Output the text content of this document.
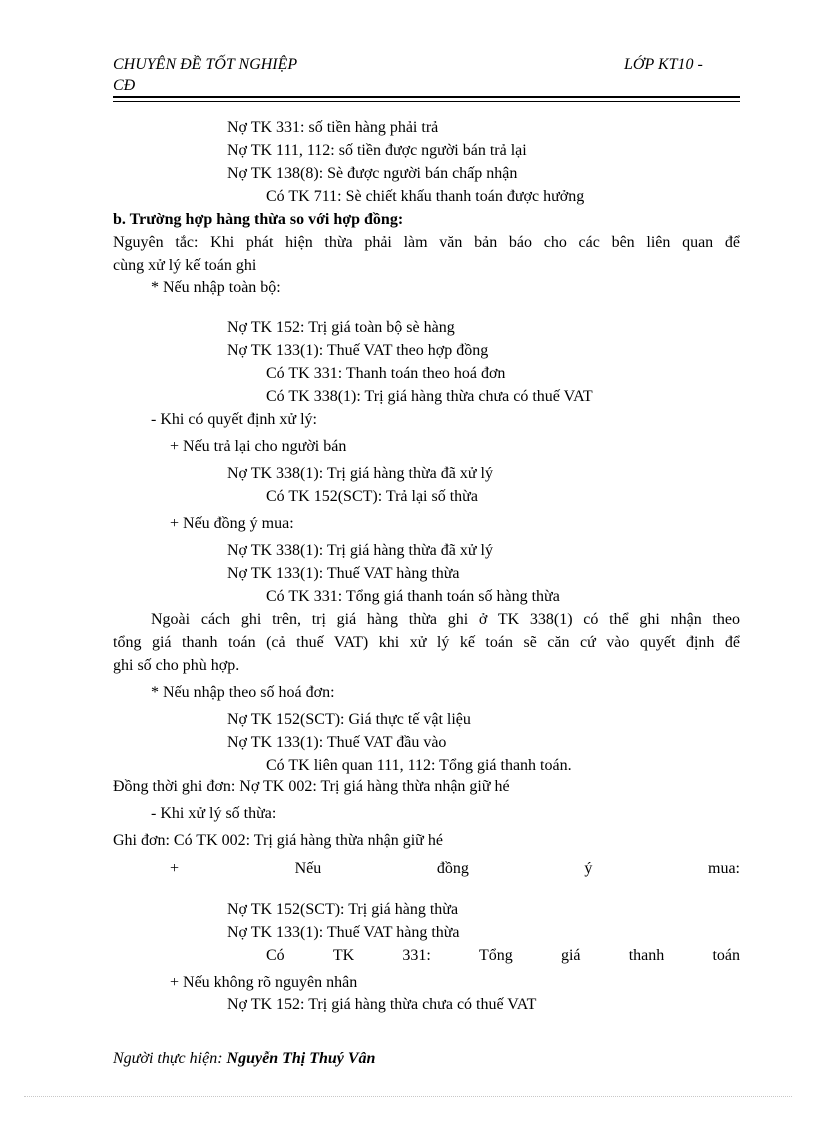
CHUYÊN ĐỀ TỐT NGHIỆP	LỚP KT10 -
CĐ
Nợ TK 331: số tiền hàng phải trả
Nợ TK 111, 112: số tiền được người bán trả lại
Nợ TK 138(8): Sè được người bán chấp nhận
Có TK 711: Sè chiết khấu thanh toán được hưởng
b. Trường hợp hàng thừa so với hợp đồng:
Nguyên tắc: Khi phát hiện thừa phải làm văn bản báo cho các bên liên quan để
cùng xử lý kế toán ghi
* Nếu nhập toàn bộ:
Nợ TK 152: Trị giá toàn bộ sè hàng
Nợ TK 133(1): Thuế VAT theo hợp đồng
Có TK 331: Thanh toán theo hoá đơn
Có TK 338(1): Trị giá hàng thừa chưa có thuế VAT
- Khi có quyết định xử lý:
+ Nếu trả lại cho người bán
Nợ TK 338(1): Trị giá hàng thừa đã xử lý
Có TK 152(SCT): Trả lại số thừa
+ Nếu đồng ý mua:
Nợ TK 338(1): Trị giá hàng thừa đã xử lý
Nợ TK 133(1): Thuế VAT hàng thừa
Có TK 331: Tổng giá thanh toán số hàng thừa
Ngoài cách ghi trên, trị giá hàng thừa ghi ở TK 338(1) có thể ghi nhận theo
tổng giá thanh toán (cả thuế VAT) khi xử lý kế toán sẽ căn cứ vào quyết định để
ghi số cho phù hợp.
* Nếu nhập theo số hoá đơn:
Nợ TK 152(SCT): Giá thực tế vật liệu
Nợ TK 133(1): Thuế VAT đầu vào
Có TK liên quan 111, 112: Tổng giá thanh toán.
Đồng thời ghi đơn: Nợ TK 002: Trị giá hàng thừa nhận giữ hé
- Khi xử lý số thừa:
Ghi đơn: Có TK 002: Trị giá hàng thừa nhận giữ hé
+	Nếu	đồng	ý	mua:
Nợ TK 152(SCT): Trị giá hàng thừa
Nợ TK 133(1): Thuế VAT hàng thừa
Có	TK	331:	Tổng	giá	thanh	toán
+ Nếu không rõ nguyên nhân
Nợ TK 152: Trị giá hàng thừa chưa có thuế VAT
Người thực hiện: Nguyễn Thị Thuý Vân
